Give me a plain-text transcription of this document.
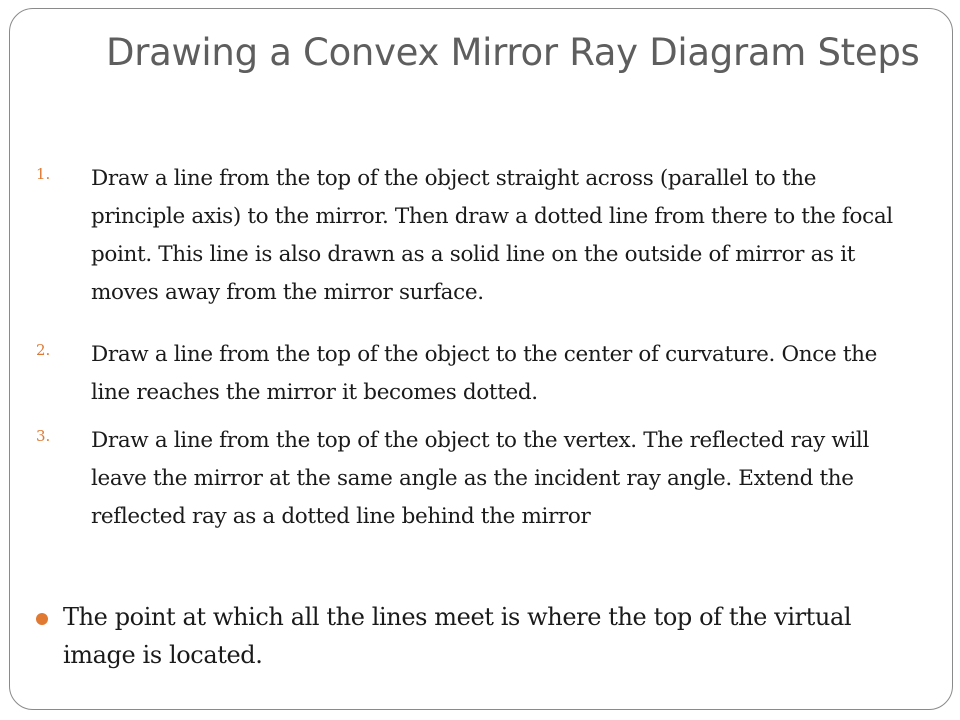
Drawing a Convex Mirror Ray Diagram Steps
1. Draw a line from the top of the object straight across (parallel to the principle axis) to the mirror. Then draw a dotted line from there to the focal point. This line is also drawn as a solid line on the outside of mirror as it moves away from the mirror surface.
2. Draw a line from the top of the object to the center of curvature. Once the line reaches the mirror it becomes dotted.
3. Draw a line from the top of the object to the vertex. The reflected ray will leave the mirror at the same angle as the incident ray angle. Extend the reflected ray as a dotted line behind the mirror
The point at which all the lines meet is where the top of the virtual image is located.
